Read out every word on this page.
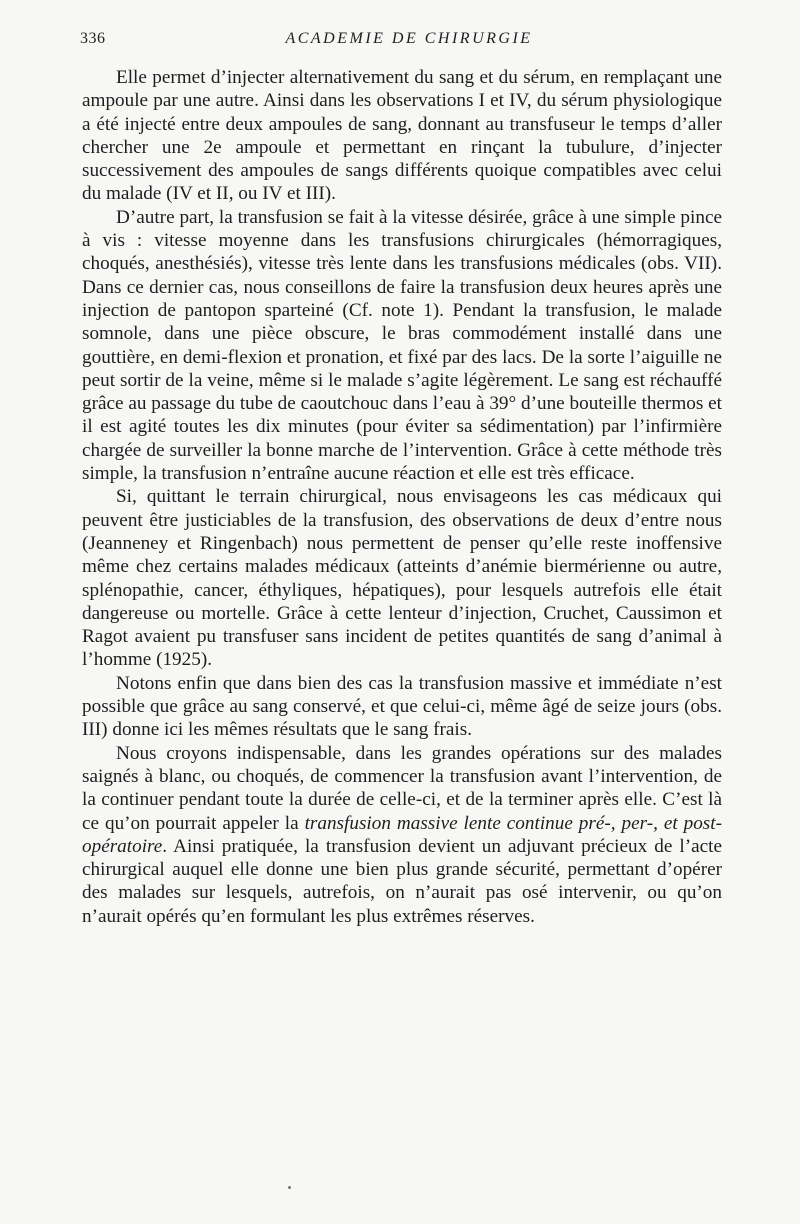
336	ACADEMIE DE CHIRURGIE

Elle permet d’injecter alternativement du sang et du sérum, en remplaçant une ampoule par une autre. Ainsi dans les observations I et IV, du sérum physiologique a été injecté entre deux ampoules de sang, donnant au transfuseur le temps d’aller chercher une 2e ampoule et permettant en rinçant la tubulure, d’injecter successivement des ampoules de sangs différents quoique compatibles avec celui du malade (IV et II, ou IV et III).

D’autre part, la transfusion se fait à la vitesse désirée, grâce à une simple pince à vis : vitesse moyenne dans les transfusions chirurgicales (hémorragiques, choqués, anesthésiés), vitesse très lente dans les transfusions médicales (obs. VII). Dans ce dernier cas, nous conseillons de faire la transfusion deux heures après une injection de pantopon sparteiné (Cf. note 1). Pendant la transfusion, le malade somnole, dans une pièce obscure, le bras commodément installé dans une gouttière, en demi-flexion et pronation, et fixé par des lacs. De la sorte l’aiguille ne peut sortir de la veine, même si le malade s’agite légèrement. Le sang est réchauffé grâce au passage du tube de caoutchouc dans l’eau à 39° d’une bouteille thermos et il est agité toutes les dix minutes (pour éviter sa sédimentation) par l’infirmière chargée de surveiller la bonne marche de l’intervention. Grâce à cette méthode très simple, la transfusion n’entraîne aucune réaction et elle est très efficace.

Si, quittant le terrain chirurgical, nous envisageons les cas médicaux qui peuvent être justiciables de la transfusion, des observations de deux d’entre nous (Jeanneney et Ringenbach) nous permettent de penser qu’elle reste inoffensive même chez certains malades médicaux (atteints d’anémie biermérienne ou autre, splénopathie, cancer, éthyliques, hépatiques), pour lesquels autrefois elle était dangereuse ou mortelle. Grâce à cette lenteur d’injection, Cruchet, Caussimon et Ragot avaient pu transfuser sans incident de petites quantités de sang d’animal à l’homme (1925).

Notons enfin que dans bien des cas la transfusion massive et immédiate n’est possible que grâce au sang conservé, et que celui-ci, même âgé de seize jours (obs. III) donne ici les mêmes résultats que le sang frais.

Nous croyons indispensable, dans les grandes opérations sur des malades saignés à blanc, ou choqués, de commencer la transfusion avant l’intervention, de la continuer pendant toute la durée de celle-ci, et de la terminer après elle. C’est là ce qu’on pourrait appeler la transfusion massive lente continue pré-, per-, et post-opératoire. Ainsi pratiquée, la transfusion devient un adjuvant précieux de l’acte chirurgical auquel elle donne une bien plus grande sécurité, permettant d’opérer des malades sur lesquels, autrefois, on n’aurait pas osé intervenir, ou qu’on n’aurait opérés qu’en formulant les plus extrêmes réserves.
